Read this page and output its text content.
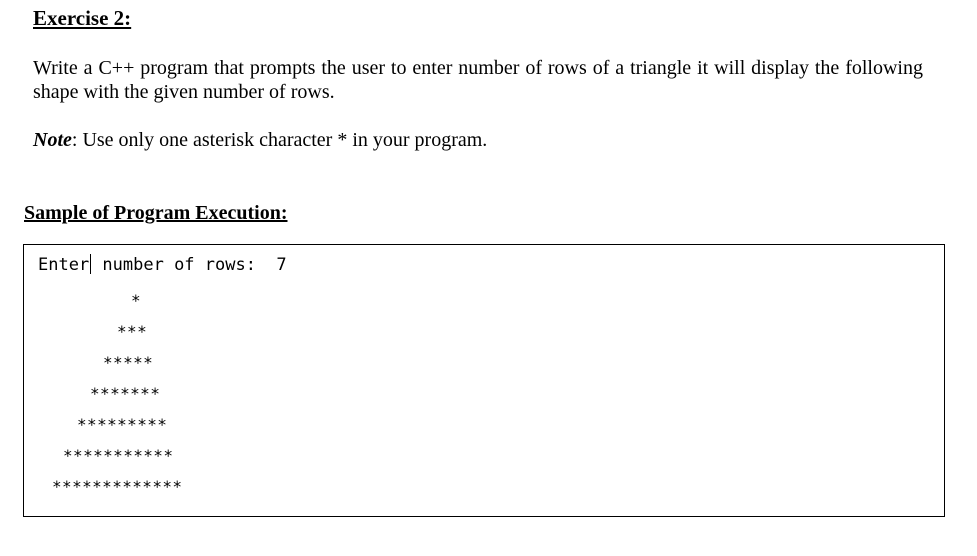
Exercise 2:

Write a C++ program that prompts the user to enter number of rows of a triangle it will display the following shape with the given number of rows.

Note: Use only one asterisk character * in your program.

Sample of Program Execution:
Enter number of rows:  7
*
***
*****
*******
*********
***********
*************
